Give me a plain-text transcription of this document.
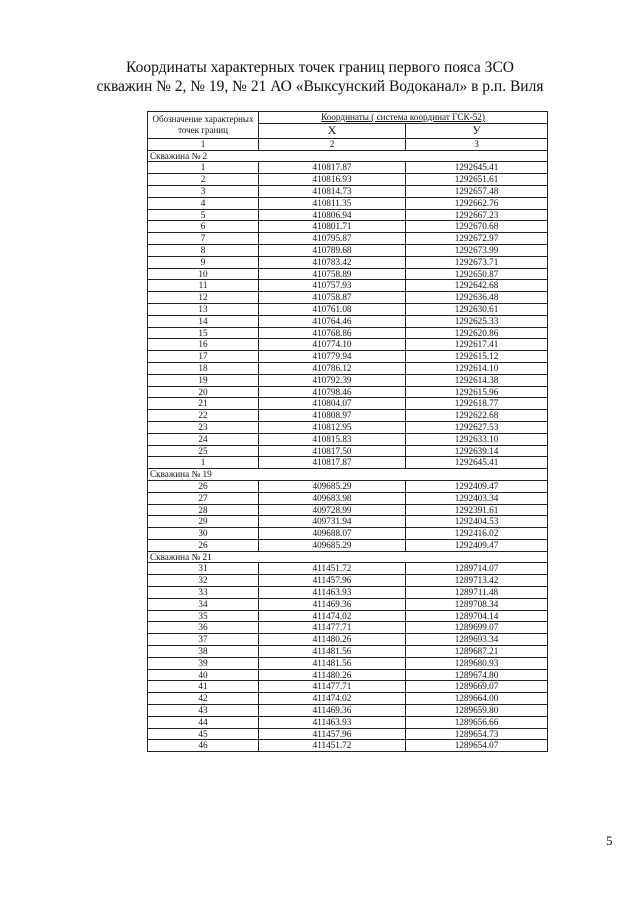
Координаты характерных точек границ первого пояса ЗСО
скважин № 2, № 19, № 21 АО «Выксунский Водоканал» в р.п. Виля
Обозначение характерных точек границ	Координаты ( система координат ГСК-52)	
	X	У
1	2	3
Скважина № 2		
1	410817.87	1292645.41
2	410816.93	1292651.61
3	410814.73	1292657.48
4	410811.35	1292662.76
5	410806.94	1292667.23
6	410801.71	1292670.68
7	410795.87	1292672.97
8	410789.68	1292673.99
9	410783.42	1292673.71
10	410758.89	1292650.87
11	410757.93	1292642.68
12	410758.87	1292636.48
13	410761.08	1292630.61
14	410764.46	1292625.33
15	410768.86	1292620.86
16	410774.10	1292617.41
17	410779.94	1292615.12
18	410786.12	1292614.10
19	410792.39	1292614.38
20	410798.46	1292615.96
21	410804.07	1292618.77
22	410808.97	1292622.68
23	410812.95	1292627.53
24	410815.83	1292633.10
25	410817.50	1292639.14
1	410817.87	1292645.41
Скважина № 19		
26	409685.29	1292409.47
27	409683.98	1292403.34
28	409728.99	1292391.61
29	409731.94	1292404.53
30	409688.07	1292416.02
26	409685.29	1292409.47
Скважина № 21		
31	411451.72	1289714.07
32	411457.96	1289713.42
33	411463.93	1289711.48
34	411469.36	1289708.34
35	411474.02	1289704.14
36	411477.71	1289699.07
37	411480.26	1289693.34
38	411481.56	1289687.21
39	411481.56	1289680.93
40	411480.26	1289674.80
41	411477.71	1289669.07
42	411474.02	1289664.00
43	411469.36	1289659.80
44	411463.93	1289656.66
45	411457.96	1289654.73
46	411451.72	1289654.07
5
